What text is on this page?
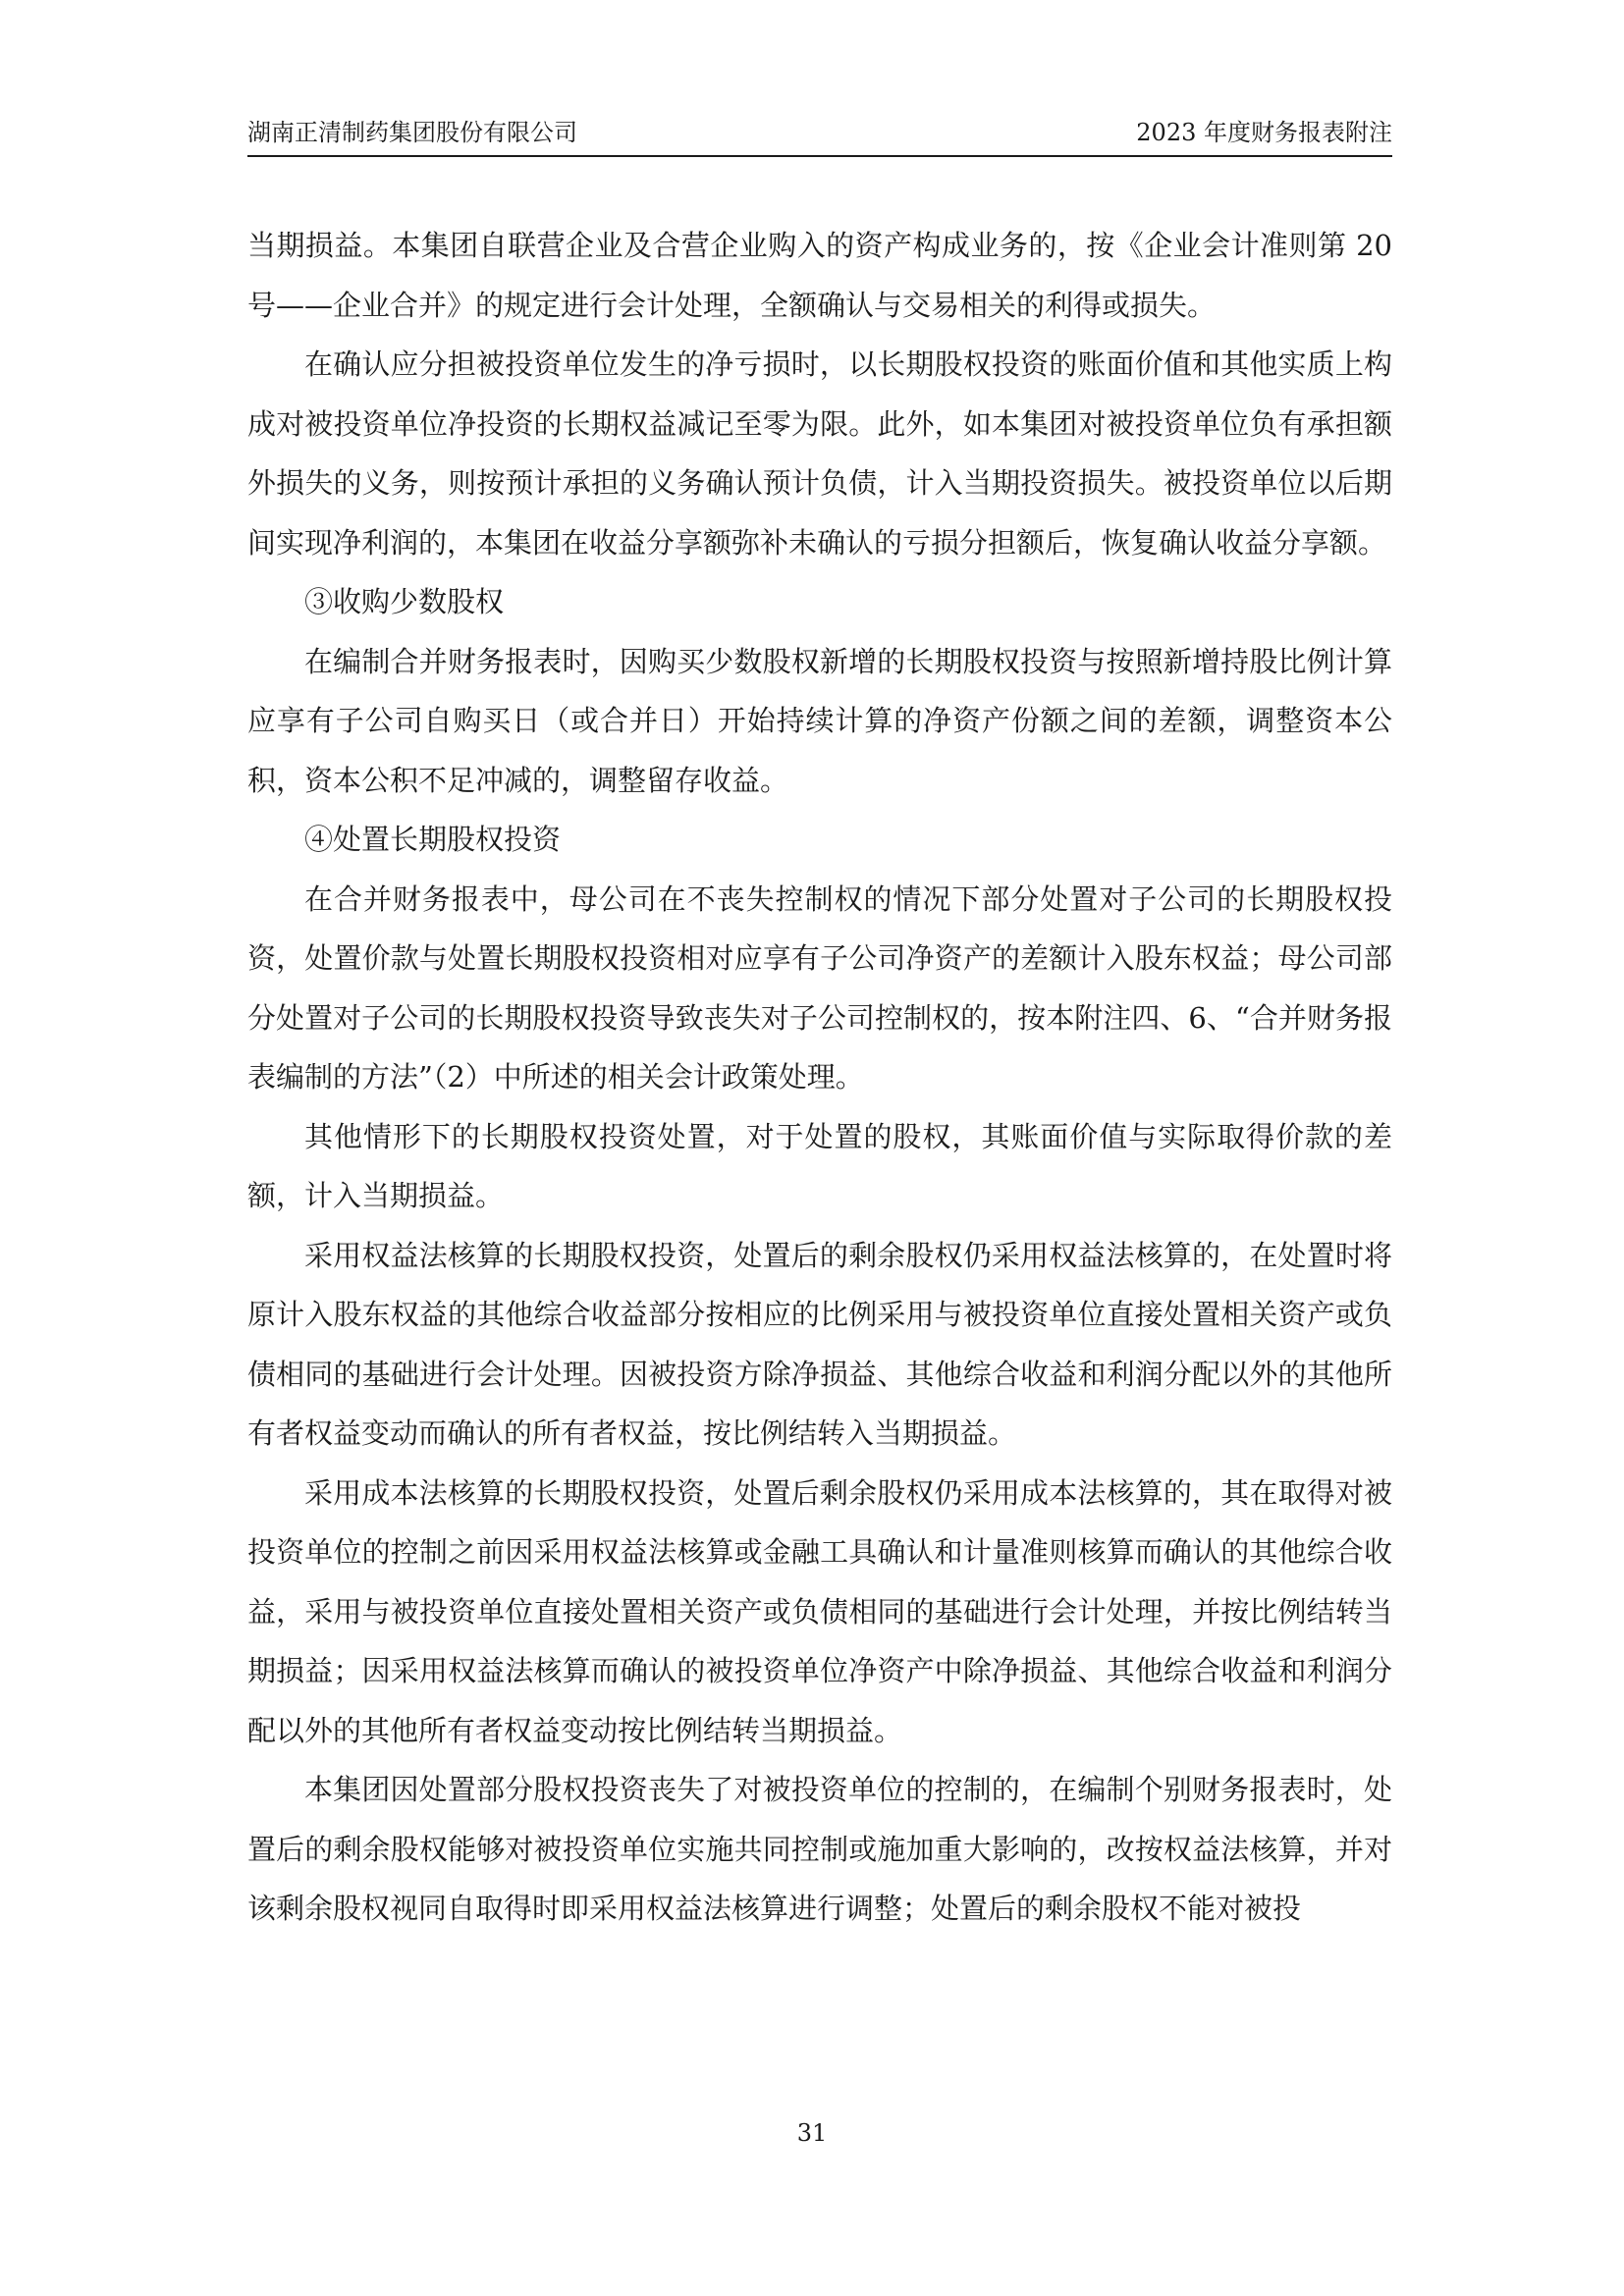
湖南正清制药集团股份有限公司	2023 年度财务报表附注

当期损益。本集团自联营企业及合营企业购入的资产构成业务的，按《企业会计准则第 20 号——企业合并》的规定进行会计处理，全额确认与交易相关的利得或损失。

在确认应分担被投资单位发生的净亏损时，以长期股权投资的账面价值和其他实质上构成对被投资单位净投资的长期权益减记至零为限。此外，如本集团对被投资单位负有承担额外损失的义务，则按预计承担的义务确认预计负债，计入当期投资损失。被投资单位以后期间实现净利润的，本集团在收益分享额弥补未确认的亏损分担额后，恢复确认收益分享额。

③收购少数股权

在编制合并财务报表时，因购买少数股权新增的长期股权投资与按照新增持股比例计算应享有子公司自购买日（或合并日）开始持续计算的净资产份额之间的差额，调整资本公积，资本公积不足冲减的，调整留存收益。

④处置长期股权投资

在合并财务报表中，母公司在不丧失控制权的情况下部分处置对子公司的长期股权投资，处置价款与处置长期股权投资相对应享有子公司净资产的差额计入股东权益；母公司部分处置对子公司的长期股权投资导致丧失对子公司控制权的，按本附注四、6、“合并财务报表编制的方法”（2）中所述的相关会计政策处理。

其他情形下的长期股权投资处置，对于处置的股权，其账面价值与实际取得价款的差额，计入当期损益。

采用权益法核算的长期股权投资，处置后的剩余股权仍采用权益法核算的，在处置时将原计入股东权益的其他综合收益部分按相应的比例采用与被投资单位直接处置相关资产或负债相同的基础进行会计处理。因被投资方除净损益、其他综合收益和利润分配以外的其他所有者权益变动而确认的所有者权益，按比例结转入当期损益。

采用成本法核算的长期股权投资，处置后剩余股权仍采用成本法核算的，其在取得对被投资单位的控制之前因采用权益法核算或金融工具确认和计量准则核算而确认的其他综合收益，采用与被投资单位直接处置相关资产或负债相同的基础进行会计处理，并按比例结转当期损益；因采用权益法核算而确认的被投资单位净资产中除净损益、其他综合收益和利润分配以外的其他所有者权益变动按比例结转当期损益。

本集团因处置部分股权投资丧失了对被投资单位的控制的，在编制个别财务报表时，处置后的剩余股权能够对被投资单位实施共同控制或施加重大影响的，改按权益法核算，并对该剩余股权视同自取得时即采用权益法核算进行调整；处置后的剩余股权不能对被投

31
